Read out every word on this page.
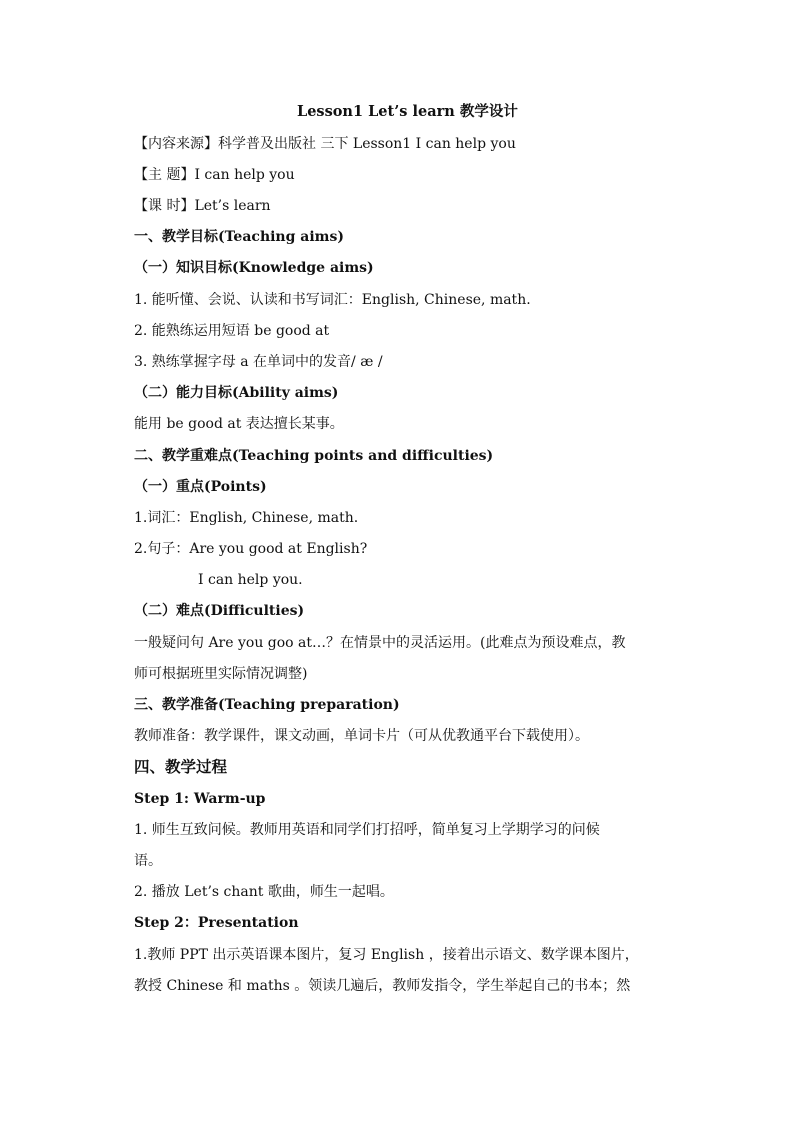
Lesson1 Let’s learn 教学设计
【内容来源】科学普及出版社 三下 Lesson1 I can help you
【主 题】I can help you
【课 时】Let’s learn
一、教学目标(Teaching aims)
（一）知识目标(Knowledge aims)
1. 能听懂、会说、认读和书写词汇：English, Chinese, math.
2. 能熟练运用短语 be good at
3. 熟练掌握字母 a 在单词中的发音/ æ /
（二）能力目标(Ability aims)
能用 be good at 表达擅长某事。
二、教学重难点(Teaching points and difficulties)
（一）重点(Points)
1.词汇：English, Chinese, math.
2.句子：Are you good at English?
I can help you.
（二）难点(Difficulties)
一般疑问句 Are you goo at…？在情景中的灵活运用。(此难点为预设难点，教
师可根据班里实际情况调整)
三、教学准备(Teaching preparation)
教师准备：教学课件，课文动画，单词卡片（可从优教通平台下载使用）。
四、教学过程
Step 1: Warm-up
1. 师生互致问候。教师用英语和同学们打招呼，简单复习上学期学习的问候
语。
2. 播放 Let’s chant 歌曲，师生一起唱。
Step 2：Presentation
1.教师 PPT 出示英语课本图片，复习 English ，接着出示语文、数学课本图片，
教授 Chinese 和 maths 。领读几遍后，教师发指令，学生举起自己的书本；然
